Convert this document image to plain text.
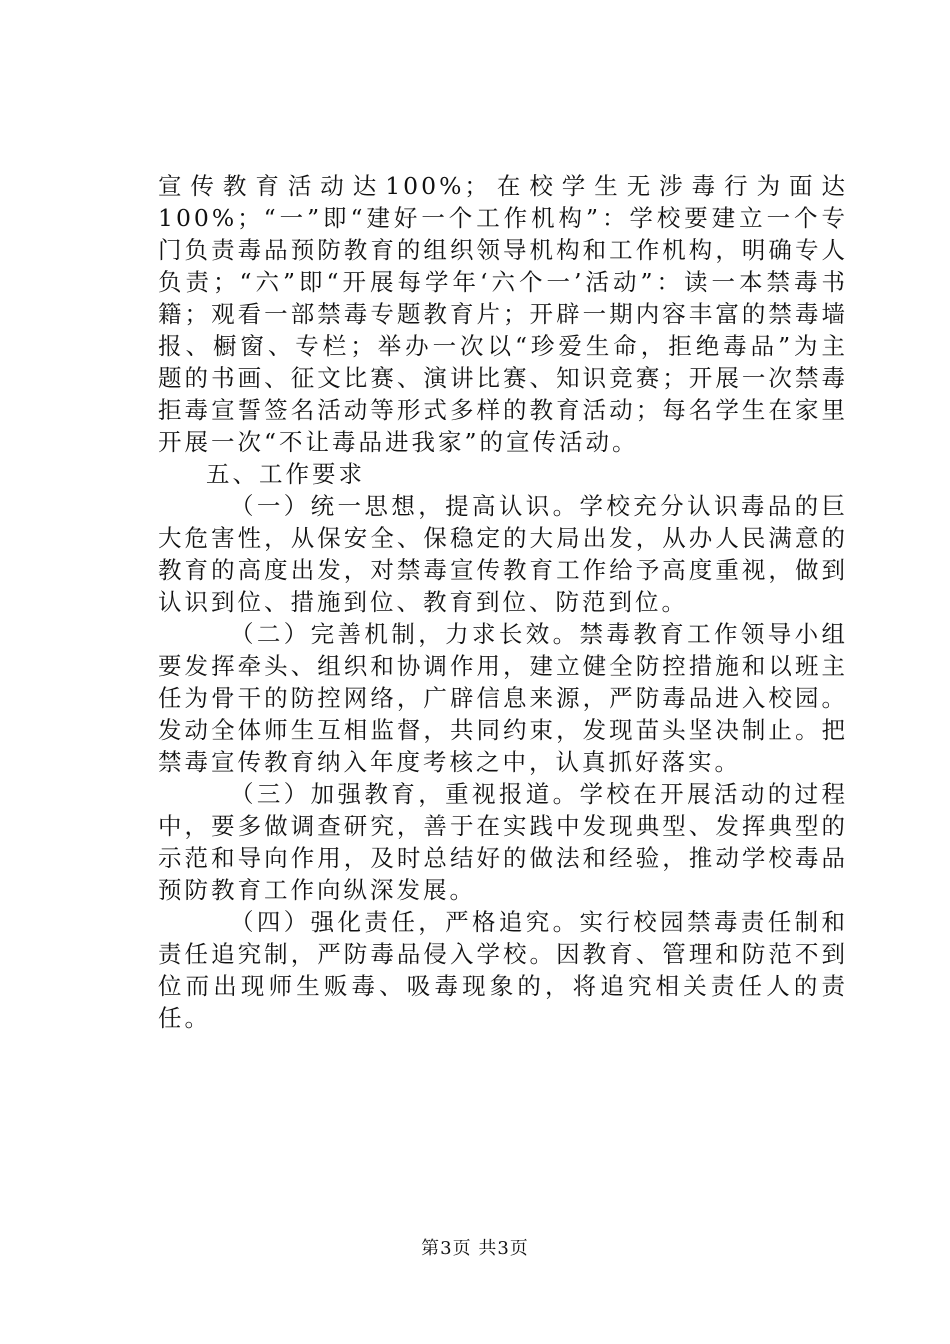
宣传教育活动达100%；在校学生无涉毒行为面达100%；“一”即“建好一个工作机构”：学校要建立一个专门负责毒品预防教育的组织领导机构和工作机构，明确专人负责；“六”即“开展每学年‘六个一’活动”：读一本禁毒书籍；观看一部禁毒专题教育片；开辟一期内容丰富的禁毒墙报、橱窗、专栏；举办一次以“珍爱生命，拒绝毒品”为主题的书画、征文比赛、演讲比赛、知识竞赛；开展一次禁毒拒毒宣誓签名活动等形式多样的教育活动；每名学生在家里开展一次“不让毒品进我家”的宣传活动。

五、工作要求

（一）统一思想，提高认识。学校充分认识毒品的巨大危害性，从保安全、保稳定的大局出发，从办人民满意的教育的高度出发，对禁毒宣传教育工作给予高度重视，做到认识到位、措施到位、教育到位、防范到位。

（二）完善机制，力求长效。禁毒教育工作领导小组要发挥牵头、组织和协调作用，建立健全防控措施和以班主任为骨干的防控网络，广辟信息来源，严防毒品进入校园。发动全体师生互相监督，共同约束，发现苗头坚决制止。把禁毒宣传教育纳入年度考核之中，认真抓好落实。

（三）加强教育，重视报道。学校在开展活动的过程中，要多做调查研究，善于在实践中发现典型、发挥典型的示范和导向作用，及时总结好的做法和经验，推动学校毒品预防教育工作向纵深发展。

（四）强化责任，严格追究。实行校园禁毒责任制和责任追究制，严防毒品侵入学校。因教育、管理和防范不到位而出现师生贩毒、吸毒现象的，将追究相关责任人的责任。

第3页 共3页
